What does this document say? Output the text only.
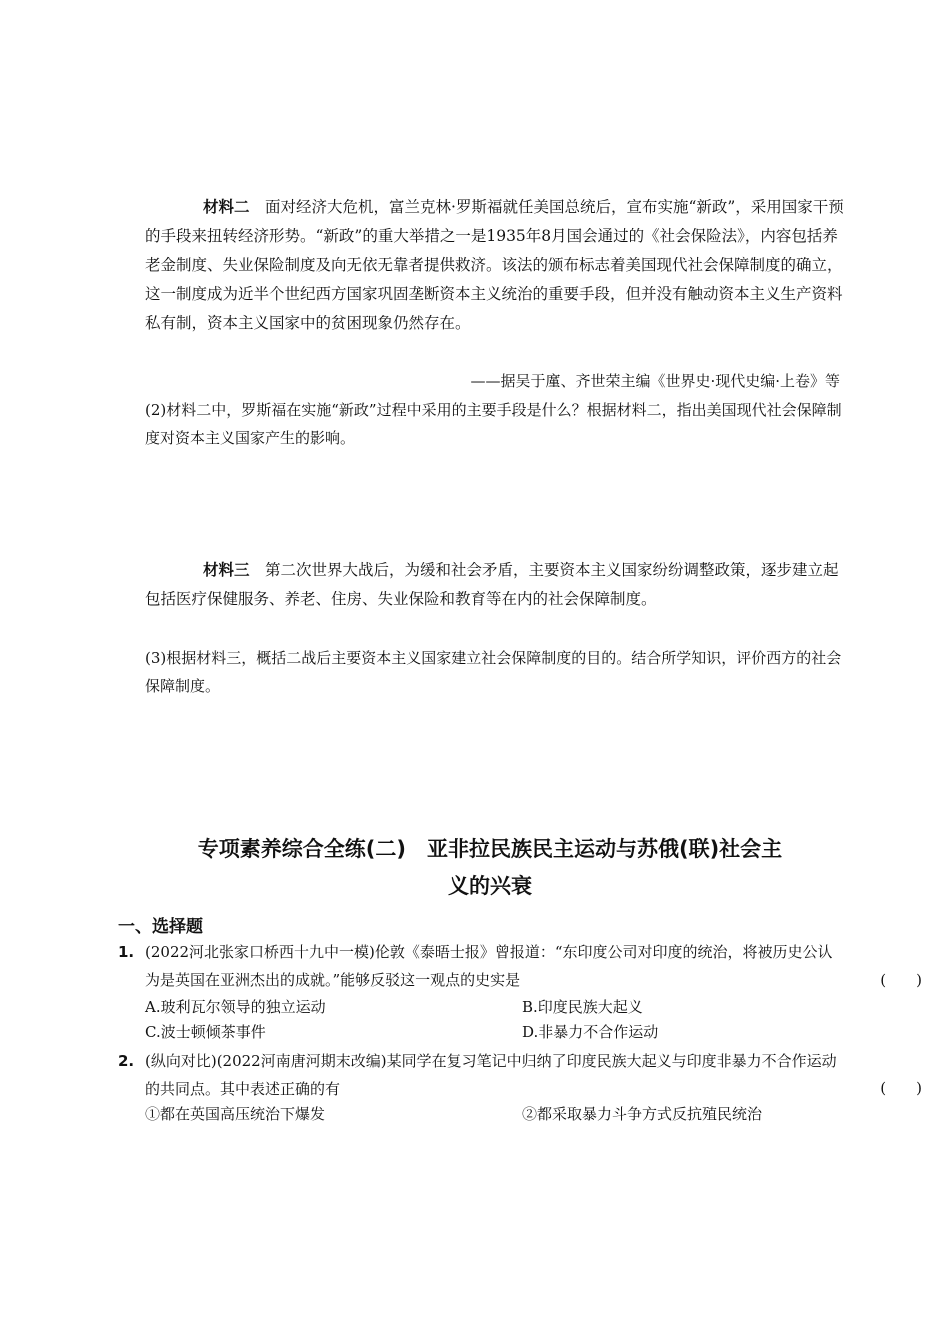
材料二　 面对经济大危机，富兰克林·罗斯福就任美国总统后，宣布实施“新政”，采用国家干预的手段来扭转经济形势。“新政”的重大举措之一是1935年8月国会通过的《社会保险法》，内容包括养老金制度、失业保险制度及向无依无靠者提供救济。该法的颁布标志着美国现代社会保障制度的确立，这一制度成为近半个世纪西方国家巩固垄断资本主义统治的重要手段，但并没有触动资本主义生产资料私有制，资本主义国家中的贫困现象仍然存在。
——据吴于廑、齐世荣主编《世界史·现代史编·上卷》等
(2)材料二中，罗斯福在实施“新政”过程中采用的主要手段是什么？根据材料二，指出美国现代社会保障制度对资本主义国家产生的影响。
材料三　 第二次世界大战后，为缓和社会矛盾，主要资本主义国家纷纷调整政策，逐步建立起包括医疗保健服务、养老、住房、失业保险和教育等在内的社会保障制度。
(3)根据材料三，概括二战后主要资本主义国家建立社会保障制度的目的。结合所学知识，评价西方的社会保障制度。
专项素养综合全练(二)　亚非拉民族民主运动与苏俄(联)社会主
义的兴衰
一、选择题
1. (2022河北张家口桥西十九中一模)伦敦《泰晤士报》曾报道：“东印度公司对印度的统治，将被历史公认为是英国在亚洲杰出的成就。”能够反驳这一观点的史实是	(　　)
A.玻利瓦尔领导的独立运动	B.印度民族大起义
C.波士顿倾茶事件	D.非暴力不合作运动
2. (纵向对比)(2022河南唐河期末改编)某同学在复习笔记中归纳了印度民族大起义与印度非暴力不合作运动的共同点。其中表述正确的有	(　　)
①都在英国高压统治下爆发	②都采取暴力斗争方式反抗殖民统治
